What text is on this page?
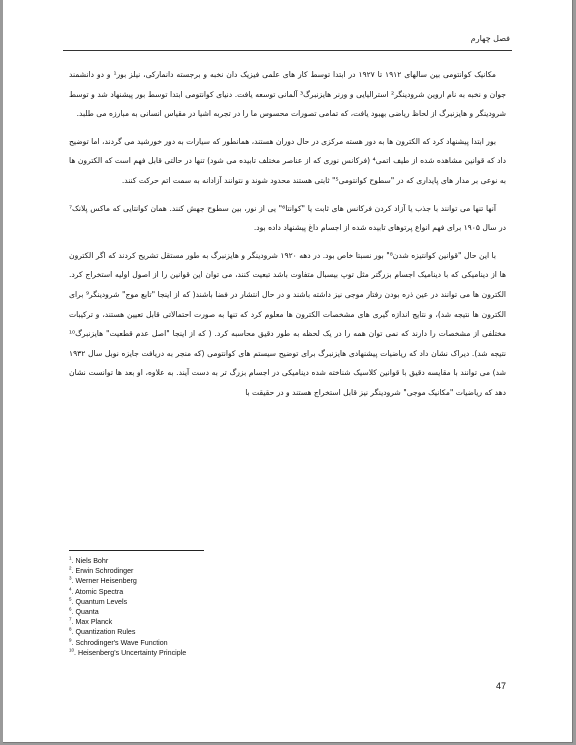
فصل چهارم

مکانیک کوانتومی بین سالهای ۱۹۱۲ تا ۱۹۲۷ در ابتدا توسط کار های علمی فیزیک دان نخبه و برجسته دانمارکی، نیلز بور¹ و دو دانشمند جوان و نخبه به نام اروین شرودینگر² استرالیایی و ورنر هایزنبرگ³ آلمانی توسعه یافت. دنیای کوانتومی ابتدا توسط بور پیشنهاد شد و توسط شرودینگر و هایزنبرگ از لحاظ ریاضی بهبود یافت، که تمامی تصورات محسوس ما را در تجربه اشیا در مقیاس انسانی به مبارزه می طلبد.

بور ابتدا پیشنهاد کرد که الکترون ها به دور هسته مرکزی در حال دوران هستند، همانطور که سیارات به دور خورشید می گردند، اما توضیح داد که قوانین مشاهده شده از طیف اتمی⁴ (فرکانس نوری که از عناصر مختلف تابیده می شود) تنها در حالتی قابل فهم است که الکترون ها به نوعی بر مدار های پایداری که در "سطوح کوانتومی⁵" ثابتی هستند محدود شوند و نتوانند آزادانه به سمت اتم حرکت کنند.

آنها تنها می توانند با جذب یا آزاد کردن فرکانس های ثابت یا "کوانتا⁶" یی از نور، بین سطوح جهش کنند. همان کوانتایی که ماکس پلانک⁷ در سال ۱۹۰۵ برای فهم انواع پرتوهای تابیده شده از اجسام داغ پیشنهاد داده بود.

با این حال "قوانین کوانتیزه شدن⁸" بور نسبتا خاص بود. در دهه ۱۹۲۰ شرودینگر و هایزنبرگ به طور مستقل تشریح کردند که اگر الکترون ها از دینامیکی که با دینامیک اجسام بزرگتر مثل توپ بیسبال متفاوت باشد تبعیت کنند، می توان این قوانین را از اصول اولیه استخراج کرد. الکترون ها می توانند در عین ذره بودن رفتار موجی نیز داشته باشند و در حال انتشار در فضا باشند( که از اینجا "تابع موج" شرودینگر⁹ برای الکترون ها نتیجه شد)، و نتایج اندازه گیری های مشخصات الکترون ها معلوم کرد که تنها به صورت احتمالاتی قابل تعیین هستند، و ترکیبات مختلفی از مشخصات را دارند که نمی توان همه را در یک لحظه به طور دقیق محاسبه کرد. ( که از اینجا "اصل عدم قطعیت" هایزنبرگ¹⁰ نتیجه شد). دیراک نشان داد که ریاضیات پیشنهادی هایزنبرگ برای توضیح سیستم های کوانتومی (که منجر به دریافت جایزه نوبل سال ۱۹۳۲ شد) می توانند با مقایسه دقیق با قوانین کلاسیک شناخته شده دینامیکی در اجسام بزرگ تر به دست آیند. به علاوه، او بعد ها توانست نشان دهد که ریاضیات "مکانیک موجی" شرودینگر نیز قابل استخراج هستند و در حقیقت با

$^1$. Niels Bohr
$^2$. Erwin Schrodinger
$^3$. Werner Heisenberg
$^4$. Atomic Spectra
$^5$. Quantum Levels
$^6$. Quanta
$^7$. Max Planck
$^8$. Quantization Rules
$^9$. Schrodinger's Wave Function
$^{10}$. Heisenberg's Uncertainty Principle
47
